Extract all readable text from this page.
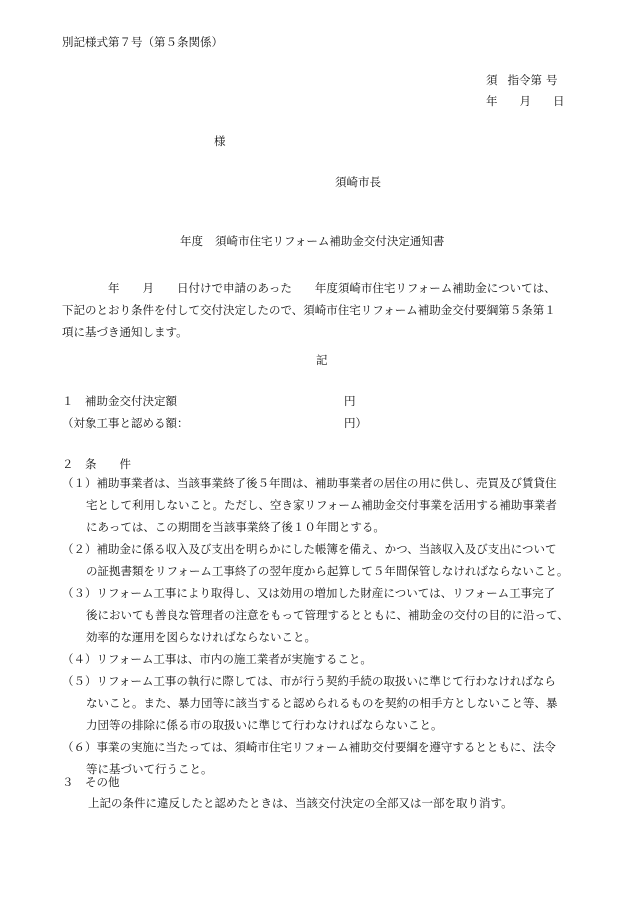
別記様式第７号（第５条関係）
須 指令第 号
年 月 日
様
須崎市長
年度 須崎市住宅リフォーム補助金交付決定通知書
　　　　年　　月　　日付けで申請のあった　　年度須崎市住宅リフォーム補助金については、
下記のとおり条件を付して交付決定したので、須崎市住宅リフォーム補助金交付要綱第５条第１
項に基づき通知します。
記
１　補助金交付決定額	円
（対象工事と認める額：	円）
２　条　　件
（１）補助事業者は、当該事業終了後５年間は、補助事業者の居住の用に供し、売買及び賃貸住
宅として利用しないこと。ただし、空き家リフォーム補助金交付事業を活用する補助事業者
にあっては、この期間を当該事業終了後１０年間とする。
（２）補助金に係る収入及び支出を明らかにした帳簿を備え、かつ、当該収入及び支出について
の証拠書類をリフォーム工事終了の翌年度から起算して５年間保管しなければならないこと。
（３）リフォーム工事により取得し、又は効用の増加した財産については、リフォーム工事完了
後においても善良な管理者の注意をもって管理するとともに、補助金の交付の目的に沿って、
効率的な運用を図らなければならないこと。
（４）リフォーム工事は、市内の施工業者が実施すること。
（５）リフォーム工事の執行に際しては、市が行う契約手続の取扱いに準じて行わなければなら
ないこと。また、暴力団等に該当すると認められるものを契約の相手方としないこと等、暴
力団等の排除に係る市の取扱いに準じて行わなければならないこと。
（６）事業の実施に当たっては、須崎市住宅リフォーム補助交付要綱を遵守するとともに、法令
等に基づいて行うこと。
３　その他
上記の条件に違反したと認めたときは、当該交付決定の全部又は一部を取り消す。
